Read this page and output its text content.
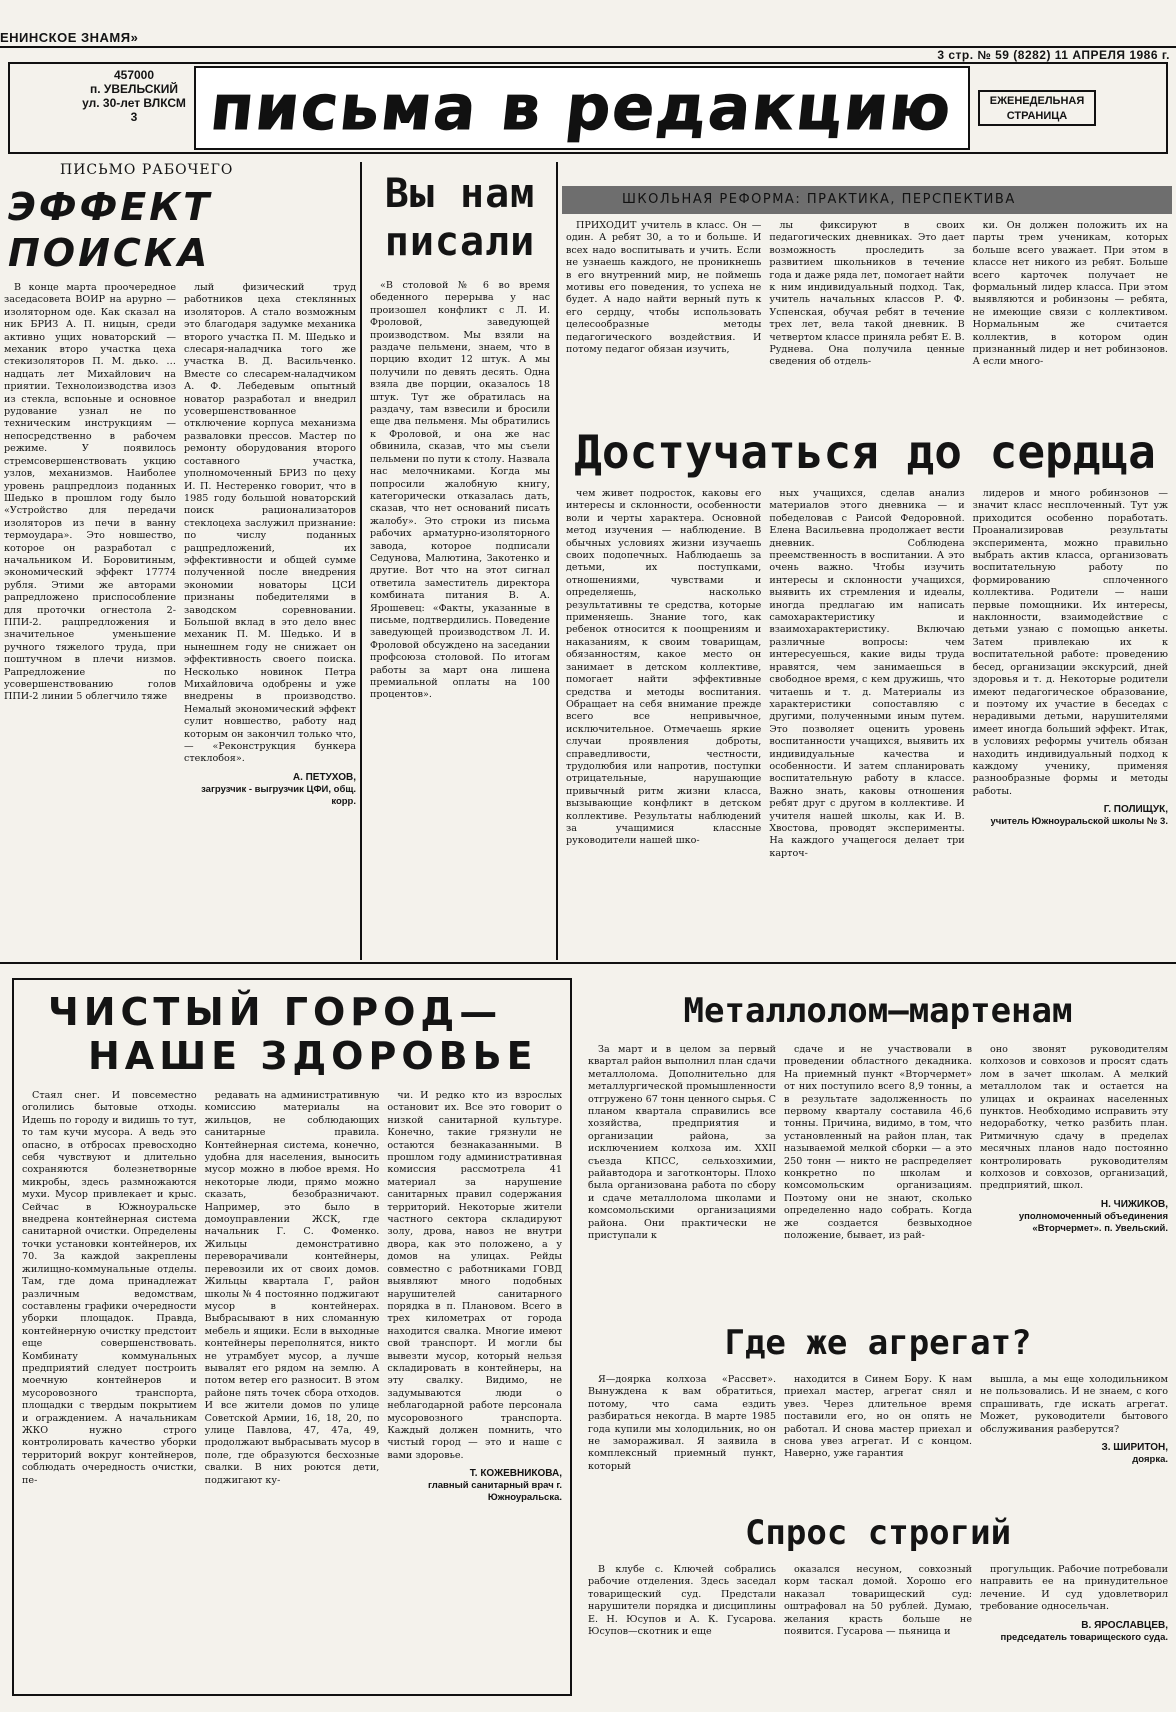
ЕНИНСКОЕ ЗНАМЯ»
3 стр. № 59 (8282) 11 АПРЕЛЯ 1986 г.
457000
п. УВЕЛЬСКИЙ
ул. 30-лет ВЛКСМ
3	письма в редакцию	ЕЖЕНЕДЕЛЬНАЯ СТРАНИЦА
ПИСЬМО РАБОЧЕГО
ЭФФЕКТ ПОИСКА

В конце марта проочередное заседасовета ВОИР на арурно — изоляторном оде. Как сказал на ник БРИЗ А. П. ницын, среди активно ущих новаторский — механик второ участка цеха стекизоляторов П. М. дько. …надцать лет Михайлович на приятии. Технолоизводства изоз из стекла, вспоьные и основное рудование узнал не по техническим инструкциям — непосредственно в рабочем режиме. У появилось стремсовершенствовать укцию узлов, механизмов. Наиболее уровень рацпредлоиз поданных Шедько в прошлом году было «Устройство для передачи изоляторов из печи в ванну термоудара». Это новшество, которое он разработал с начальником И. Боровитиным, экономический эффект 17774 рубля. Этими же авторами рапредложено приспособление для проточки огнестола 2-ППИ-2. рацпредложения и значительное уменьшение ручного тяжелого труда, при поштучном в плечи низмов. Рапредложение по усовершенствованию голов ППИ-2 линии 5 облегчило тяже

лый физический труд работников цеха стеклянных изоляторов. А стало возможным это благодаря задумке механика второго участка П. М. Шедько и слесаря-наладчика того же участка В. Д. Васильченко. Вместе со слесарем-наладчиком А. Ф. Лебедевым опытный новатор разработал и внедрил усовершенствованное отключение корпуса механизма разваловки прессов. Мастер по ремонту оборудования второго составного участка, уполномоченный БРИЗ по цеху И. П. Нестеренко говорит, что в 1985 году большой новаторский поиск рационализаторов стеклоцеха заслужил признание: по числу поданных рацпредложений, их эффективности и общей сумме полученной после внедрения экономии новаторы ЦСИ признаны победителями в заводском соревновании. Большой вклад в это дело внес механик П. М. Шедько. И в нынешнем году не снижает он эффективность своего поиска. Несколько новинок Петра Михайловича одобрены и уже внедрены в производство. Немалый экономический эффект сулит новшество, работу над которым он закончил только что, — «Реконструкция бункера стеклобоя».

А. ПЕТУХОВ,
загрузчик - выгрузчик ЦФИ, общ. корр.
Вы нам писали

«В столовой № 6 во время обеденного перерыва у нас произошел конфликт с Л. И. Фроловой, заведующей производством. Мы взяли на раздаче пельмени, знаем, что в порцию входит 12 штук. А мы получили по девять десять. Одна взяла две порции, оказалось 18 штук. Тут же обратилась на раздачу, там взвесили и бросили еще два пельменя. Мы обратились к Фроловой, и она же нас обвинила, сказав, что мы съели пельмени по пути к столу. Назвала нас мелочниками. Когда мы попросили жалобную книгу, категорически отказалась дать, сказав, что нет оснований писать жалобу». Это строки из письма рабочих арматурно-изоляторного завода, которое подписали Седунова, Малютина, Закотенко и другие. Вот что на этот сигнал ответила заместитель директора комбината питания В. А. Ярошевец: «Факты, указанные в письме, подтвердились. Поведение заведующей производством Л. И. Фроловой обсуждено на заседании профсоюза столовой. По итогам работы за март она лишена премиальной оплаты на 100 процентов».

ШКОЛЬНАЯ РЕФОРМА: ПРАКТИКА, ПЕРСПЕКТИВА

ПРИХОДИТ учитель в класс. Он — один. А ребят 30, а то и больше. И всех надо воспитывать и учить. Если не узнаешь каждого, не проникнешь в его внутренний мир, не поймешь мотивы его поведения, то успеха не будет. А надо найти верный путь к его сердцу, чтобы использовать целесообразные методы педагогического воздействия. И потому педагог обязан изучить,

лы фиксируют в своих педагогических дневниках. Это дает возможность проследить за развитием школьников в течение года и даже ряда лет, помогает найти к ним индивидуальный подход. Так, учитель начальных классов Р. Ф. Успенская, обучая ребят в течение трех лет, вела такой дневник. В четвертом классе приняла ребят Е. В. Руднева. Она получила ценные сведения об отдель-

ки. Он должен положить их на парты трем ученикам, которых больше всего уважает. При этом в классе нет никого из ребят. Больше всего карточек получает не формальный лидер класса. При этом выявляются и робинзоны — ребята, не имеющие связи с коллективом. Нормальным же считается коллектив, в котором один признанный лидер и нет робинзонов. А если много-

Достучаться до сердца

чем живет подросток, каковы его интересы и склонности, особенности воли и черты характера. Основной метод изучения — наблюдение. В обычных условиях жизни изучаешь своих подопечных. Наблюдаешь за детьми, их поступками, отношениями, чувствами и определяешь, насколько результативны те средства, которые применяешь. Знание того, как ребенок относится к поощрениям и наказаниям, к своим товарищам, обязанностям, какое место он занимает в детском коллективе, помогает найти эффективные средства и методы воспитания. Обращает на себя внимание прежде всего все непривычное, исключительное. Отмечаешь яркие случаи проявления доброты, справедливости, честности, трудолюбия или напротив, поступки отрицательные, нарушающие привычный ритм жизни класса, вызывающие конфликт в детском коллективе. Результаты наблюдений за учащимися классные руководители нашей шко-

ных учащихся, сделав анализ материалов этого дневника — и победеловав с Раисой Федоровной. Елена Васильевна продолжает вести дневник. Соблюдена преемственность в воспитании. А это очень важно. Чтобы изучить интересы и склонности учащихся, выявить их стремления и идеалы, иногда предлагаю им написать самохарактеристику и взаимохарактеристику. Включаю различные вопросы: чем интересуешься, какие виды труда нравятся, чем занимаешься в свободное время, с кем дружишь, что читаешь и т. д. Материалы из характеристики сопоставляю с другими, полученными иным путем. Это позволяет оценить уровень воспитанности учащихся, выявить их индивидуальные качества и особенности. И затем спланировать воспитательную работу в классе. Важно знать, каковы отношения ребят друг с другом в коллективе. И учителя нашей школы, как И. В. Хвостова, проводят эксперименты. На каждого учащегося делает три карточ-

лидеров и много робинзонов — значит класс несплоченный. Тут уж приходится особенно поработать. Проанализировав результаты эксперимента, можно правильно выбрать актив класса, организовать воспитательную работу по формированию сплоченного коллектива. Родители — наши первые помощники. Их интересы, наклонности, взаимодействие с детьми узнаю с помощью анкеты. Затем привлекаю их к воспитательной работе: проведению бесед, организации экскурсий, дней здоровья и т. д. Некоторые родители имеют педагогическое образование, и поэтому их участие в беседах с нерадивыми детьми, нарушителями имеет иногда больший эффект. Итак, в условиях реформы учитель обязан находить индивидуальный подход к каждому ученику, применяя разнообразные формы и методы работы.

Г. ПОЛИЩУК,
учитель Южноуральской школы № 3.
ЧИСТЫЙ ГОРОД—
НАШЕ ЗДОРОВЬЕ

Стаял снег. И повсеместно оголились бытовые отходы. Идешь по городу и видишь то тут, то там кучи мусора. А ведь это опасно, в отбросах превосходно себя чувствуют и длительно сохраняются болезнетворные микробы, здесь размножаются мухи. Мусор привлекает и крыс. Сейчас в Южноуральске внедрена контейнерная система санитарной очистки. Определены точки установки контейнеров, их 70. За каждой закреплены жилищно-коммунальные отделы. Там, где дома принадлежат различным ведомствам, составлены графики очередности уборки площадок. Правда, контейнерную очистку предстоит еще совершенствовать. Комбинату коммунальных предприятий следует построить моечную контейнеров и мусоровозного транспорта, площадки с твердым покрытием и ограждением. А начальникам ЖКО нужно строго контролировать качество уборки территорий вокруг контейнеров, соблюдать очередность очистки, пе-

редавать на административную комиссию материалы на жильцов, не соблюдающих санитарные правила. Контейнерная система, конечно, удобна для населения, выносить мусор можно в любое время. Но некоторые люди, прямо можно сказать, безобразничают. Например, это было в домоуправлении ЖСК, где начальник Г. С. Фоменко. Жильцы демонстративно переворачивали контейнеры, перевозили их от своих домов. Жильцы квартала Г, район школы № 4 постоянно поджигают мусор в контейнерах. Выбрасывают в них сломанную мебель и ящики. Если в выходные контейнеры переполнятся, никто не утрамбует мусор, а лучше вывалят его рядом на землю. А потом ветер его разносит. В этом районе пять точек сбора отходов. И все жители домов по улице Советской Армии, 16, 18, 20, по улице Павлова, 47, 47а, 49, продолжают выбрасывать мусор в поле, где образуются бесхозные свалки. В них роются дети, поджигают ку-

чи. И редко кто из взрослых остановит их. Все это говорит о низкой санитарной культуре. Конечно, такие грязнули не остаются безнаказанными. В прошлом году административная комиссия рассмотрела 41 материал за нарушение санитарных правил содержания территорий. Некоторые жители частного сектора складируют золу, дрова, навоз не внутри двора, как это положено, а у домов на улицах. Рейды совместно с работниками ГОВД выявляют много подобных нарушителей санитарного порядка в п. Плановом. Всего в трех километрах от города находится свалка. Многие имеют свой транспорт. И могли бы вывезти мусор, который нельзя складировать в контейнеры, на эту свалку. Видимо, не задумываются люди о неблагодарной работе персонала мусоровозного транспорта. Каждый должен помнить, что чистый город — это и наше с вами здоровье.

Т. КОЖЕВНИКОВА,
главный санитарный врач г. Южноуральска.
Металлолом—мартенам

За март и в целом за первый квартал район выполнил план сдачи металлолома. Дополнительно для металлургической промышленности отгружено 67 тонн ценного сырья. С планом квартала справились все хозяйства, предприятия и организации района, за исключением колхоза им. XXII съезда КПСС, сельхозхимии, райавтодора и заготконторы. Плохо была организована работа по сбору и сдаче металлолома школами и комсомольскими организациями района. Они практически не приступали к

сдаче и не участвовали в проведении областного декадника. На приемный пункт «Вторчермет» от них поступило всего 8,9 тонны, а в результате задолженность по первому кварталу составила 46,6 тонны. Причина, видимо, в том, что установленный на район план, так называемой мелкой сборки — а это 250 тонн — никто не распределяет конкретно по школам и комсомольским организациям. Поэтому они не знают, сколько определенно надо собрать. Когда же создается безвыходное положение, бывает, из рай-

оно звонят руководителям колхозов и совхозов и просят сдать лом в зачет школам. А мелкий металлолом так и остается на улицах и окраинах населенных пунктов. Необходимо исправить эту недоработку, четко разбить план. Ритмичную сдачу в пределах месячных планов надо постоянно контролировать руководителям колхозов и совхозов, организаций, предприятий, школ.

Н. ЧИЖИКОВ,
уполномоченный объединения «Вторчермет». п. Увельский.
Где же агрегат?

Я—доярка колхоза «Рассвет». Вынуждена к вам обратиться, потому, что сама ездить разбираться некогда. В марте 1985 года купили мы холодильник, но он не замораживал. Я заявила в комплексный приемный пункт, который

находится в Синем Бору. К нам приехал мастер, агрегат снял и увез. Через длительное время поставили его, но он опять не работал. И снова мастер приехал и снова увез агрегат. И с концом. Наверно, уже гарантия

вышла, а мы еще холодильником не пользовались. И не знаем, с кого спрашивать, где искать агрегат. Может, руководители бытового обслуживания разберутся?

З. ШИРИТОН,
доярка.
Спрос строгий

В клубе с. Ключей собрались рабочие отделения. Здесь заседал товарищеский суд. Предстали нарушители порядка и дисциплины Е. Н. Юсупов и А. К. Гусарова. Юсупов—скотник и еще

оказался несуном, совхозный корм таскал домой. Хорошо его наказал товарищеский суд: оштрафовал на 50 рублей. Думаю, желания красть больше не появится. Гусарова — пьяница и

прогульщик. Рабочие потребовали направить ее на принудительное лечение. И суд удовлетворил требование односельчан.

В. ЯРОСЛАВЦЕВ,
председатель товарищеского суда.
